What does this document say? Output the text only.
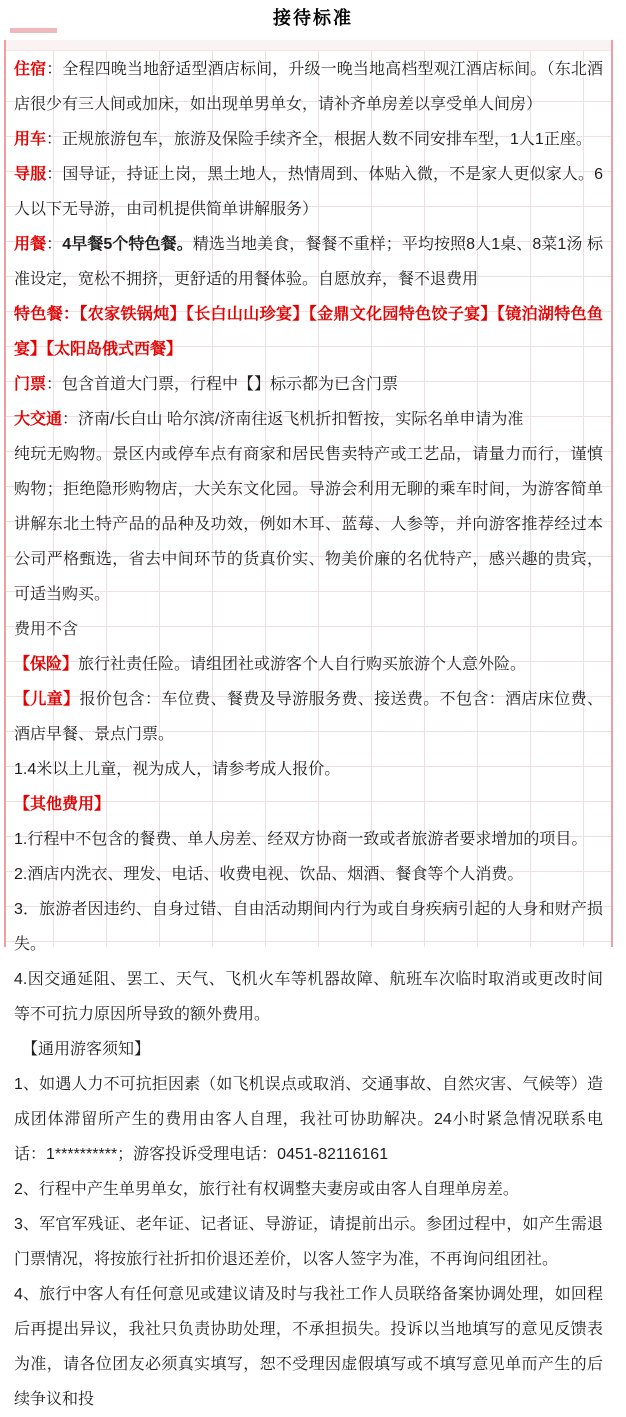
接待标准

住宿：全程四晚当地舒适型酒店标间，升级一晚当地高档型观江酒店标间。（东北酒店很少有三人间或加床，如出现单男单女，请补齐单房差以享受单人间房）

用车：正规旅游包车，旅游及保险手续齐全，根据人数不同安排车型，1人1正座。

导服：国导证，持证上岗，黑土地人，热情周到、体贴入微，不是家人更似家人。6人以下无导游，由司机提供简单讲解服务）

用餐：4早餐5个特色餐。精选当地美食，餐餐不重样；平均按照8人1桌、8菜1汤 标准设定，宽松不拥挤，更舒适的用餐体验。自愿放弃，餐不退费用

特色餐：【农家铁锅炖】【长白山山珍宴】【金鼎文化园特色饺子宴】【镜泊湖特色鱼宴】【太阳岛俄式西餐】

门票：包含首道大门票，行程中【】标示都为已含门票

大交通：济南/长白山 哈尔滨/济南往返飞机折扣暂按，实际名单申请为准

纯玩无购物。景区内或停车点有商家和居民售卖特产或工艺品，请量力而行，谨慎购物；拒绝隐形购物店，大关东文化园。导游会利用无聊的乘车时间，为游客简单讲解东北土特产品的品种及功效，例如木耳、蓝莓、人参等，并向游客推荐经过本公司严格甄选，省去中间环节的货真价实、物美价廉的名优特产，感兴趣的贵宾，可适当购买。

费用不含

【保险】旅行社责任险。请组团社或游客个人自行购买旅游个人意外险。

【儿童】报价包含：车位费、餐费及导游服务费、接送费。不包含：酒店床位费、酒店早餐、景点门票。

1.4米以上儿童，视为成人，请参考成人报价。

【其他费用】

1.行程中不包含的餐费、单人房差、经双方协商一致或者旅游者要求增加的项目。

2.酒店内洗衣、理发、电话、收费电视、饮品、烟酒、餐食等个人消费。

3．旅游者因违约、自身过错、自由活动期间内行为或自身疾病引起的人身和财产损失。

4.因交通延阻、罢工、天气、飞机火车等机器故障、航班车次临时取消或更改时间等不可抗力原因所导致的额外费用。

　【通用游客须知】

1、如遇人力不可抗拒因素（如飞机误点或取消、交通事故、自然灾害、气候等）造成团体滞留所产生的费用由客人自理，我社可协助解决。24小时紧急情况联系电话：1**********；游客投诉受理电话：0451-82116161

2、行程中产生单男单女，旅行社有权调整夫妻房或由客人自理单房差。

3、军官军残证、老年证、记者证、导游证，请提前出示。参团过程中，如产生需退门票情况，将按旅行社折扣价退还差价，以客人签字为准，不再询问组团社。

4、旅行中客人有任何意见或建议请及时与我社工作人员联络备案协调处理，如回程后再提出异议，我社只负责协助处理，不承担损失。投诉以当地填写的意见反馈表为准，请各位团友必须真实填写，恕不受理因虚假填写或不填写意见单而产生的后续争议和投
